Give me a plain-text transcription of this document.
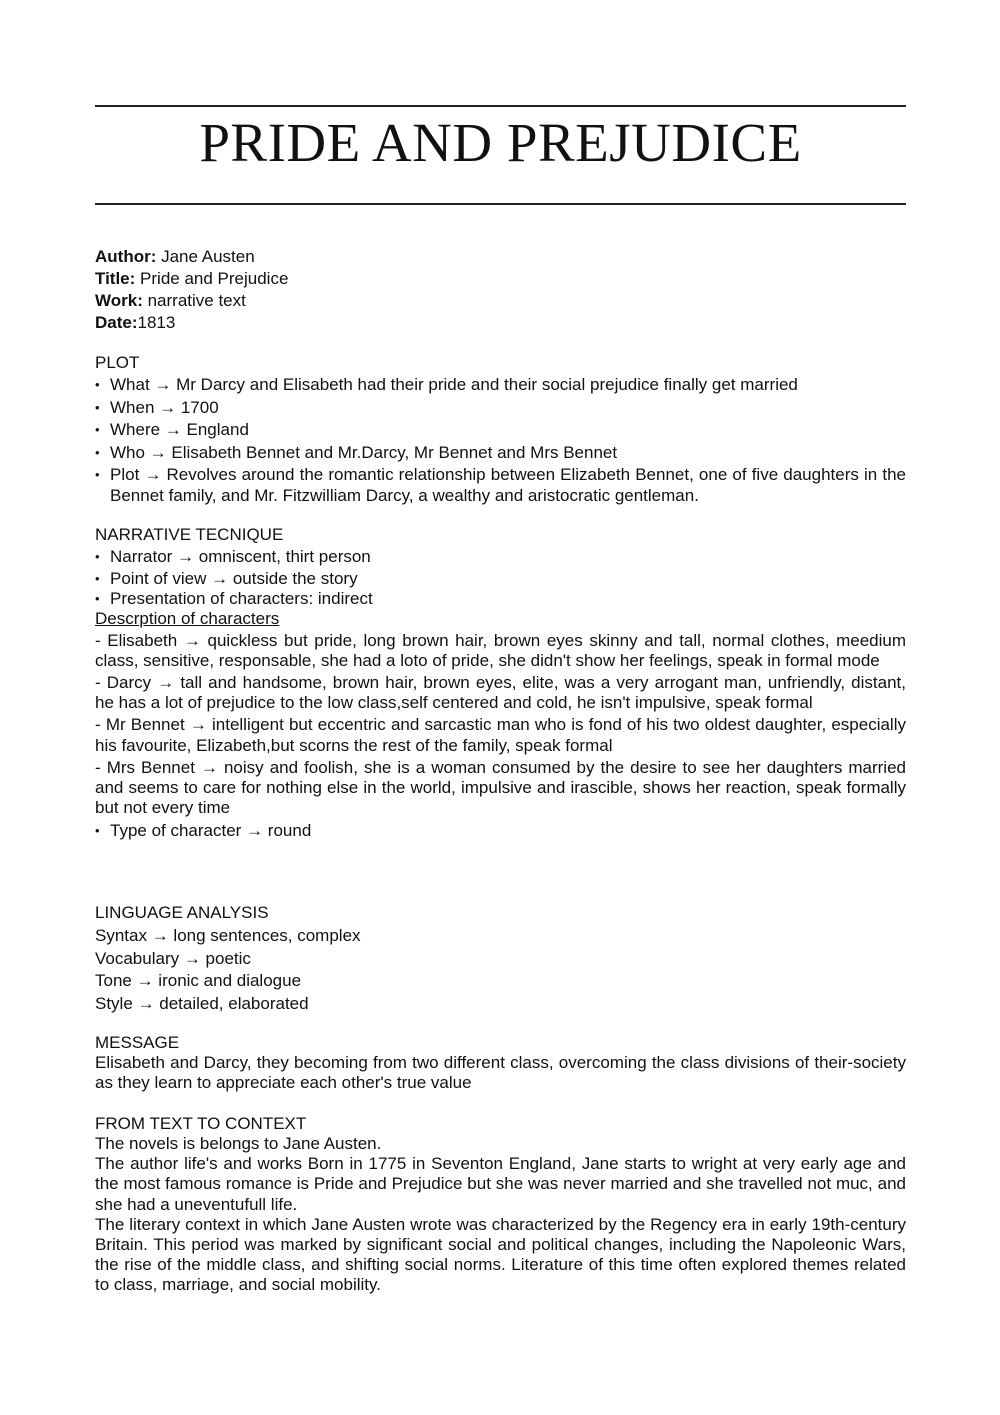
PRIDE AND PREJUDICE
Author: Jane Austen
Title: Pride and Prejudice
Work: narrative text
Date:1813
PLOT
• What → Mr Darcy and Elisabeth had their pride and their social prejudice finally get married
• When → 1700
• Where → England
• Who → Elisabeth Bennet and Mr.Darcy, Mr Bennet and Mrs Bennet
• Plot → Revolves around the romantic relationship between Elizabeth Bennet, one of five daughters in the Bennet family, and Mr. Fitzwilliam Darcy, a wealthy and aristocratic gentleman.
NARRATIVE TECNIQUE
• Narrator → omniscent, thirt person
• Point of view → outside the story
• Presentation of characters: indirect
Descrption of characters
- Elisabeth → quickless but pride, long brown hair, brown eyes skinny and tall, normal clothes, meedium class, sensitive, responsable, she had a loto of pride, she didn't show her feelings, speak in formal mode
- Darcy → tall and handsome, brown hair, brown eyes, elite, was a very arrogant man, unfriendly, distant, he has a lot of prejudice to the low class,self centered and cold, he isn't impulsive, speak formal
- Mr Bennet → intelligent but eccentric and sarcastic man who is fond of his two oldest daughter, especially his favourite, Elizabeth,but scorns the rest of the family, speak formal
- Mrs Bennet → noisy and foolish, she is a woman consumed by the desire to see her daughters married and seems to care for nothing else in the world, impulsive and irascible, shows her reaction, speak formally but not every time
• Type of character → round
LINGUAGE ANALYSIS
Syntax → long sentences, complex
Vocabulary → poetic
Tone → ironic and dialogue
Style → detailed, elaborated
MESSAGE
Elisabeth and Darcy, they becoming from two different class, overcoming the class divisions of their-society as they learn to appreciate each other's true value
FROM TEXT TO CONTEXT
The novels is belongs to Jane Austen.
The author life's and works Born in 1775 in Seventon England, Jane starts to wright at very early age and the most famous romance is Pride and Prejudice but she was never married and she travelled not muc, and she had a uneventufull life.
The literary context in which Jane Austen wrote was characterized by the Regency era in early 19th-century Britain. This period was marked by significant social and political changes, including the Napoleonic Wars, the rise of the middle class, and shifting social norms. Literature of this time often explored themes related to class, marriage, and social mobility.
